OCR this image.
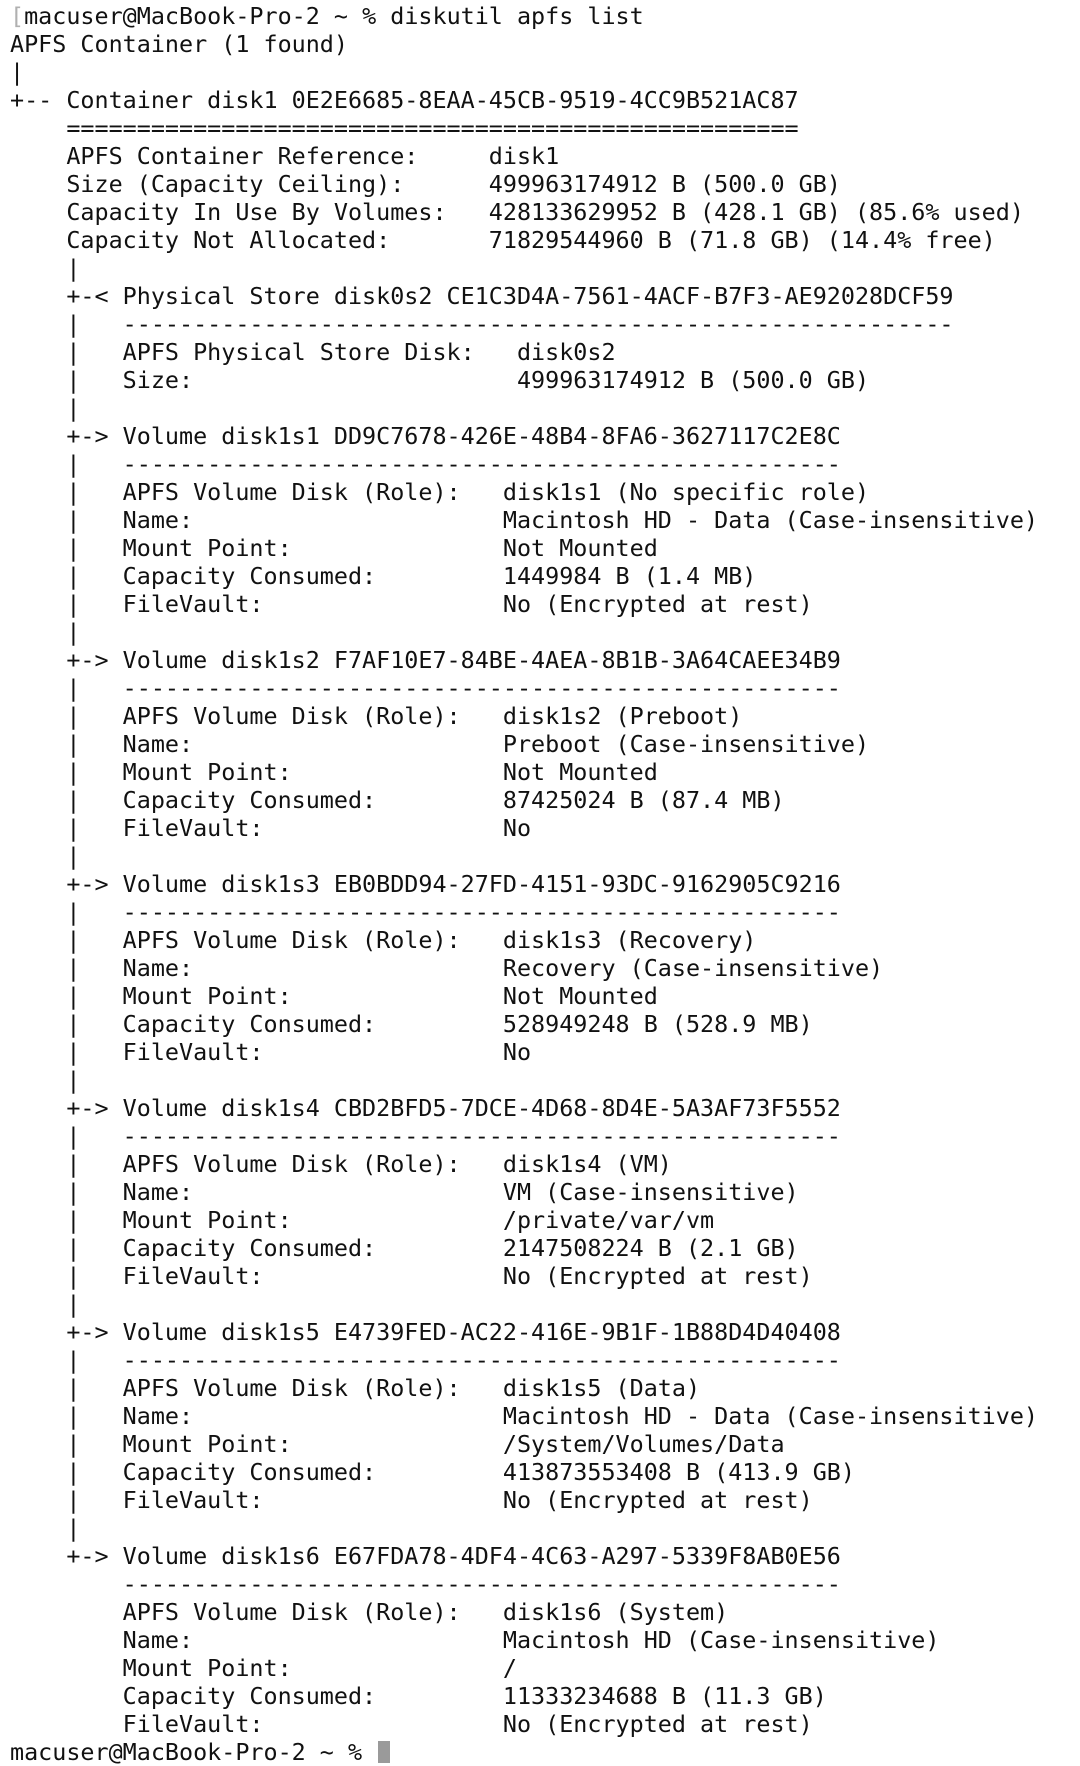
[macuser@MacBook-Pro-2 ~ % diskutil apfs list
APFS Container (1 found)
|
+-- Container disk1 0E2E6685-8EAA-45CB-9519-4CC9B521AC87
====================================================
APFS Container Reference:     disk1
Size (Capacity Ceiling):      499963174912 B (500.0 GB)
Capacity In Use By Volumes:   428133629952 B (428.1 GB) (85.6% used)
Capacity Not Allocated:       71829544960 B (71.8 GB) (14.4% free)
|
+-< Physical Store disk0s2 CE1C3D4A-7561-4ACF-B7F3-AE92028DCF59
|   -----------------------------------------------------------
|   APFS Physical Store Disk:   disk0s2
|   Size:                       499963174912 B (500.0 GB)
|
+-> Volume disk1s1 DD9C7678-426E-48B4-8FA6-3627117C2E8C
|   ---------------------------------------------------
|   APFS Volume Disk (Role):   disk1s1 (No specific role)
|   Name:                      Macintosh HD - Data (Case-insensitive)
|   Mount Point:               Not Mounted
|   Capacity Consumed:         1449984 B (1.4 MB)
|   FileVault:                 No (Encrypted at rest)
|
+-> Volume disk1s2 F7AF10E7-84BE-4AEA-8B1B-3A64CAEE34B9
|   ---------------------------------------------------
|   APFS Volume Disk (Role):   disk1s2 (Preboot)
|   Name:                      Preboot (Case-insensitive)
|   Mount Point:               Not Mounted
|   Capacity Consumed:         87425024 B (87.4 MB)
|   FileVault:                 No
|
+-> Volume disk1s3 EB0BDD94-27FD-4151-93DC-9162905C9216
|   ---------------------------------------------------
|   APFS Volume Disk (Role):   disk1s3 (Recovery)
|   Name:                      Recovery (Case-insensitive)
|   Mount Point:               Not Mounted
|   Capacity Consumed:         528949248 B (528.9 MB)
|   FileVault:                 No
|
+-> Volume disk1s4 CBD2BFD5-7DCE-4D68-8D4E-5A3AF73F5552
|   ---------------------------------------------------
|   APFS Volume Disk (Role):   disk1s4 (VM)
|   Name:                      VM (Case-insensitive)
|   Mount Point:               /private/var/vm
|   Capacity Consumed:         2147508224 B (2.1 GB)
|   FileVault:                 No (Encrypted at rest)
|
+-> Volume disk1s5 E4739FED-AC22-416E-9B1F-1B88D4D40408
|   ---------------------------------------------------
|   APFS Volume Disk (Role):   disk1s5 (Data)
|   Name:                      Macintosh HD - Data (Case-insensitive)
|   Mount Point:               /System/Volumes/Data
|   Capacity Consumed:         413873553408 B (413.9 GB)
|   FileVault:                 No (Encrypted at rest)
|
+-> Volume disk1s6 E67FDA78-4DF4-4C63-A297-5339F8AB0E56
---------------------------------------------------
APFS Volume Disk (Role):   disk1s6 (System)
Name:                      Macintosh HD (Case-insensitive)
Mount Point:               /
Capacity Consumed:         11333234688 B (11.3 GB)
FileVault:                 No (Encrypted at rest)
macuser@MacBook-Pro-2 ~ %
